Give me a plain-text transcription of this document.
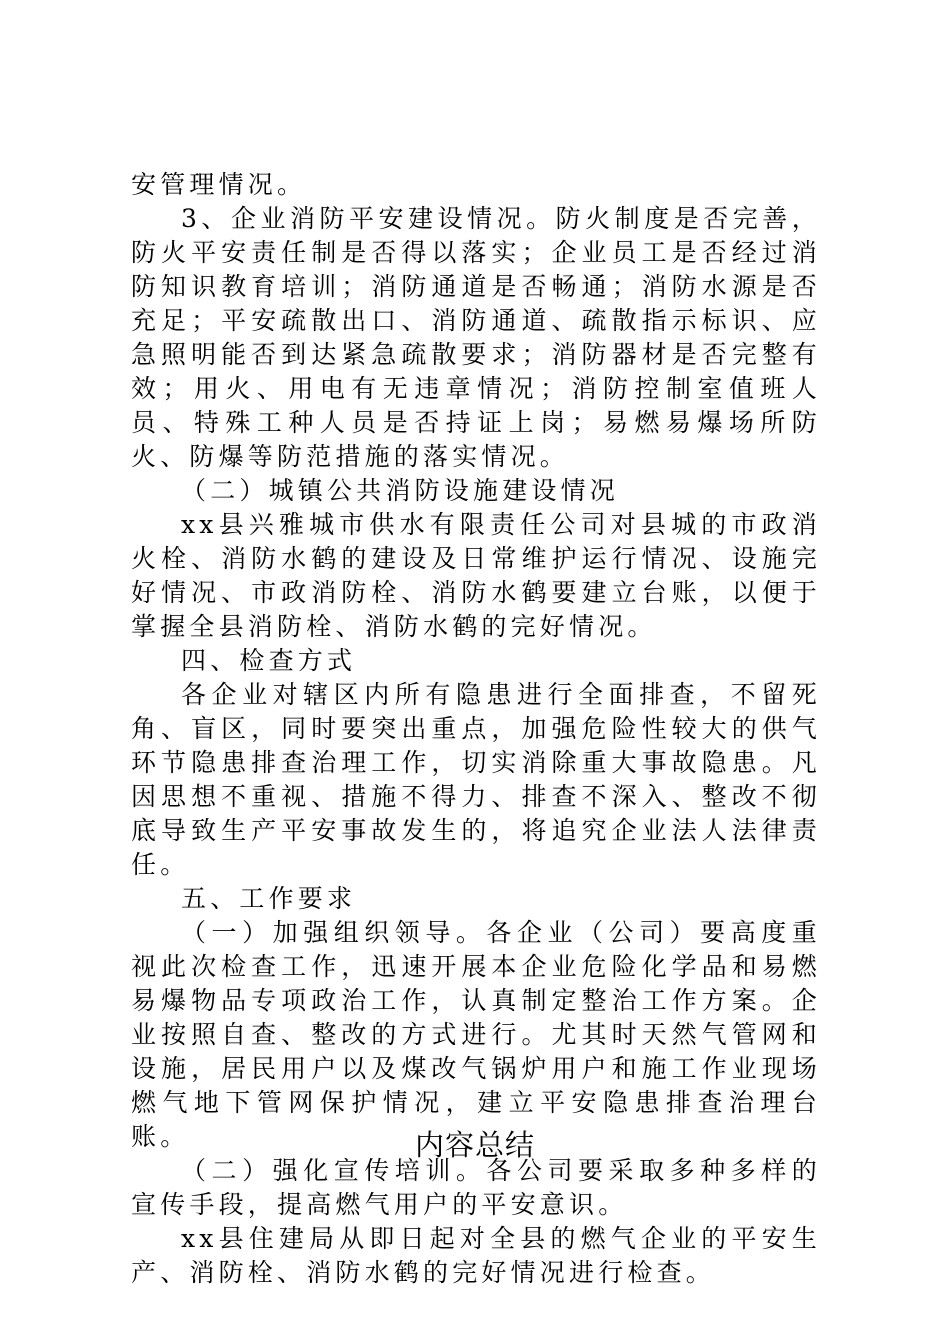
安管理情况。

3、企业消防平安建设情况。防火制度是否完善，防火平安责任制是否得以落实；企业员工是否经过消防知识教育培训；消防通道是否畅通；消防水源是否充足；平安疏散出口、消防通道、疏散指示标识、应急照明能否到达紧急疏散要求；消防器材是否完整有效；用火、用电有无违章情况；消防控制室值班人员、特殊工种人员是否持证上岗；易燃易爆场所防火、防爆等防范措施的落实情况。

（二）城镇公共消防设施建设情况

xx县兴雅城市供水有限责任公司对县城的市政消火栓、消防水鹤的建设及日常维护运行情况、设施完好情况、市政消防栓、消防水鹤要建立台账，以便于掌握全县消防栓、消防水鹤的完好情况。

四、检查方式

各企业对辖区内所有隐患进行全面排查，不留死角、盲区，同时要突出重点，加强危险性较大的供气环节隐患排查治理工作，切实消除重大事故隐患。凡因思想不重视、措施不得力、排查不深入、整改不彻底导致生产平安事故发生的，将追究企业法人法律责任。

五、工作要求

（一）加强组织领导。各企业（公司）要高度重视此次检查工作，迅速开展本企业危险化学品和易燃易爆物品专项政治工作，认真制定整治工作方案。企业按照自查、整改的方式进行。尤其时天然气管网和设施，居民用户以及煤改气锅炉用户和施工作业现场燃气地下管网保护情况，建立平安隐患排查治理台账。

（二）强化宣传培训。各公司要采取多种多样的宣传手段，提高燃气用户的平安意识。

xx县住建局从即日起对全县的燃气企业的平安生产、消防栓、消防水鹤的完好情况进行检查。

内容总结
